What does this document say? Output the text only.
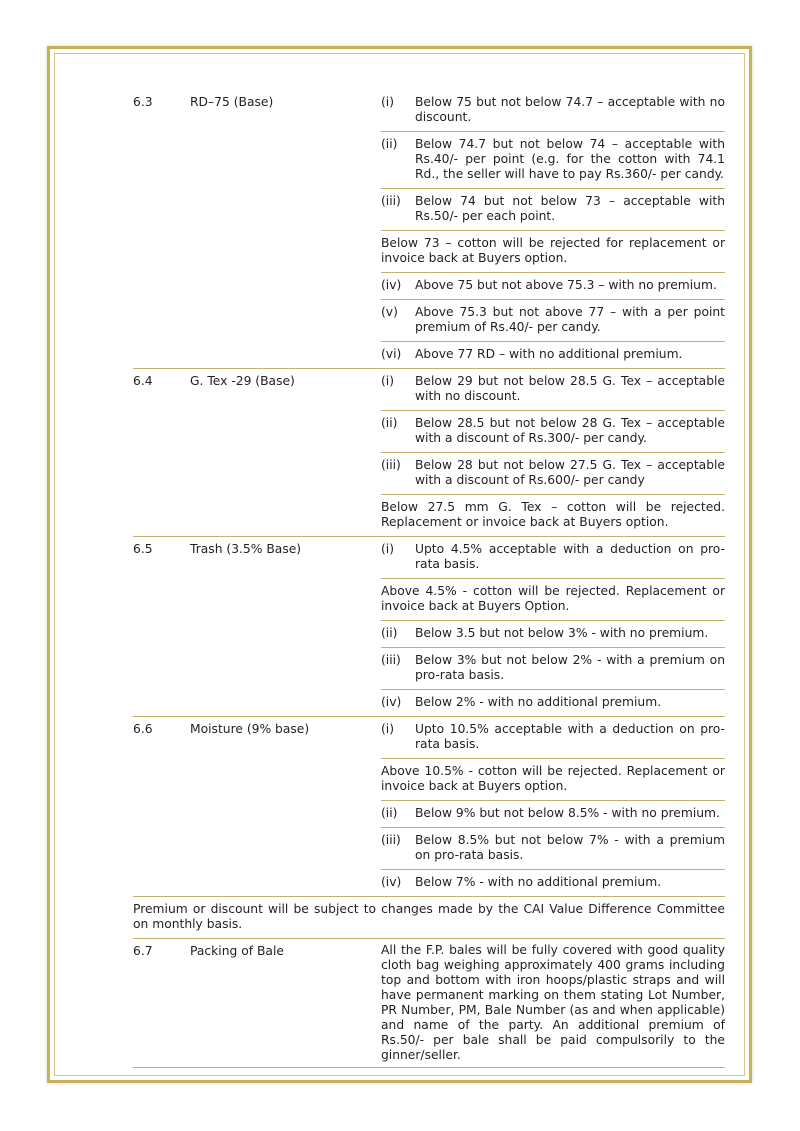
6.3	RD–75 (Base)	(i)	Below 75 but not below 74.7 – acceptable with no discount.
(ii)	Below 74.7 but not below 74 – acceptable with Rs.40/- per point (e.g. for the cotton with 74.1 Rd., the seller will have to pay Rs.360/- per candy.
(iii)	Below 74 but not below 73 – acceptable with Rs.50/- per each point.
Below 73 – cotton will be rejected for replacement or invoice back at Buyers option.
(iv)	Above 75 but not above 75.3 – with no premium.
(v)	Above 75.3 but not above 77 – with a per point premium of Rs.40/- per candy.
(vi)	Above 77 RD – with no additional premium.
6.4	G. Tex -29 (Base)	(i)	Below 29 but not below 28.5 G. Tex – acceptable with no discount.
(ii)	Below 28.5 but not below 28 G. Tex – acceptable with a discount of Rs.300/- per candy.
(iii)	Below 28 but not below 27.5 G. Tex – acceptable with a discount of Rs.600/- per candy
Below 27.5 mm G. Tex – cotton will be rejected. Replacement or invoice back at Buyers option.
6.5	Trash (3.5% Base)	(i)	Upto 4.5% acceptable with a deduction on pro-rata basis.
Above 4.5% - cotton will be rejected. Replacement or invoice back at Buyers Option.
(ii)	Below 3.5 but not below 3% - with no premium.
(iii)	Below 3% but not below 2% - with a premium on pro-rata basis.
(iv)	Below 2% - with no additional premium.
6.6	Moisture (9% base)	(i)	Upto 10.5% acceptable with a deduction on pro-rata basis.
Above 10.5% - cotton will be rejected. Replacement or invoice back at Buyers option.
(ii)	Below 9% but not below 8.5% - with no premium.
(iii)	Below 8.5% but not below 7% - with a premium on pro-rata basis.
(iv)	Below 7% - with no additional premium.
Premium or discount will be subject to changes made by the CAI Value Difference Committee on monthly basis.
6.7	Packing of Bale	All the F.P. bales will be fully covered with good quality cloth bag weighing approximately 400 grams including top and bottom with iron hoops/plastic straps and will have permanent marking on them stating Lot Number, PR Number, PM, Bale Number (as and when applicable) and name of the party. An additional premium of Rs.50/- per bale shall be paid compulsorily to the ginner/seller.
